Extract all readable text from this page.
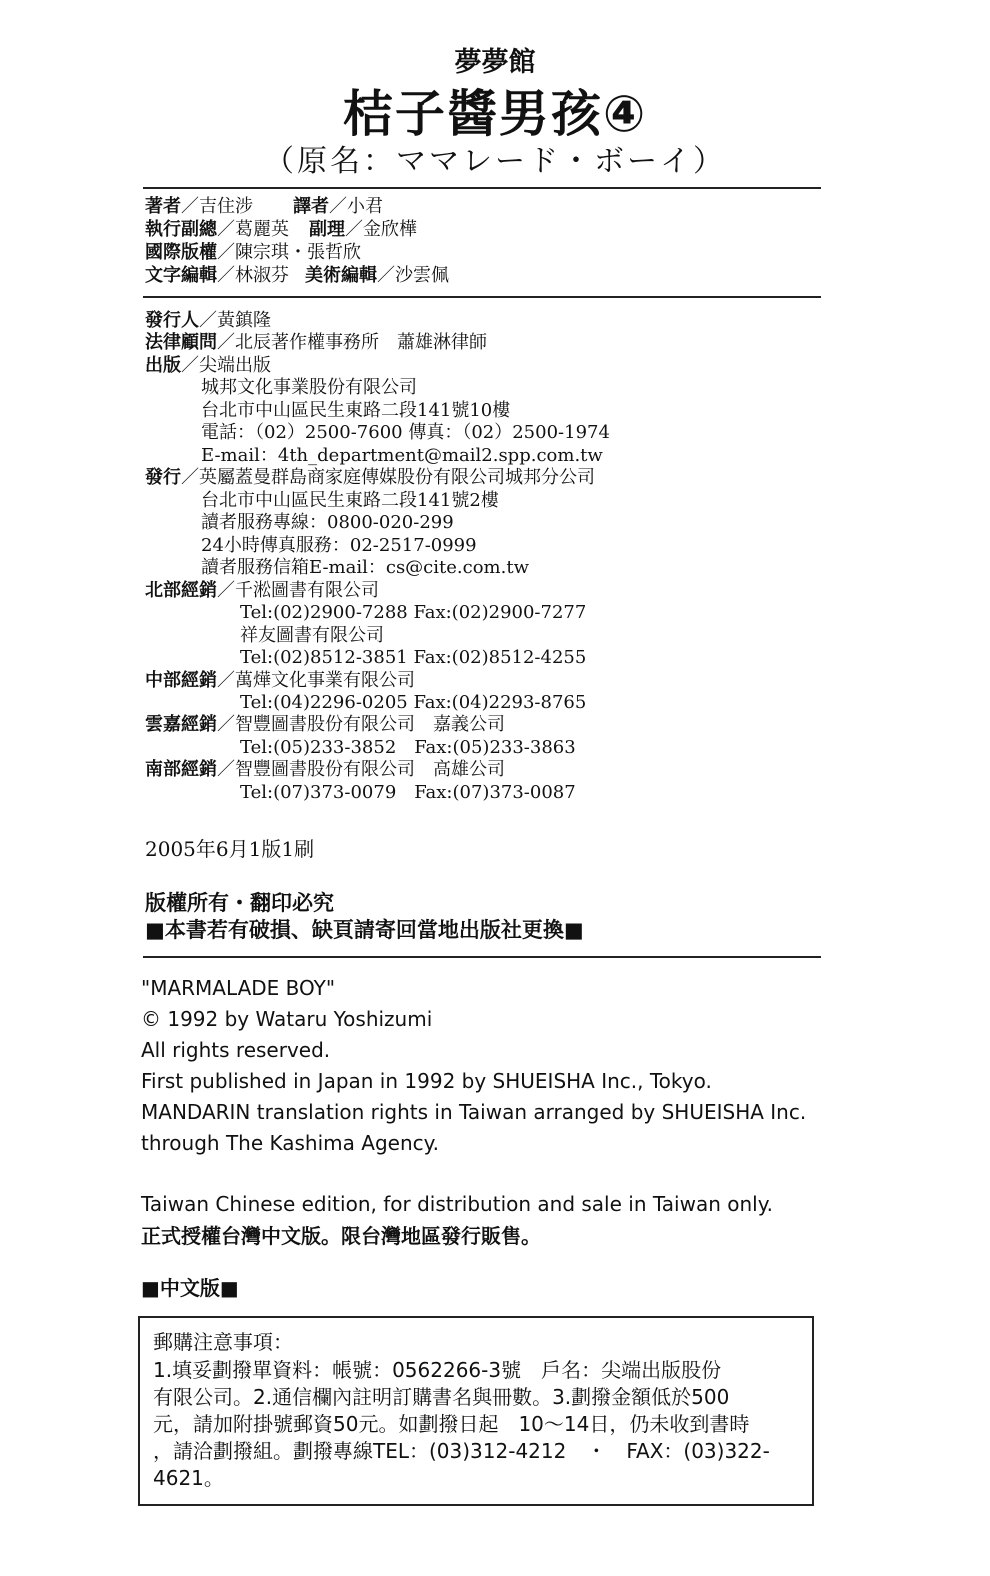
夢夢館
桔子醬男孩④
（原名：ママレード・ボーイ）
著者／吉住涉 譯者／小君
執行副總／葛麗英 副理／金欣樺
國際版權／陳宗琪・張哲欣
文字編輯／林淑芬 美術編輯／沙雲佩
發行人／黃鎮隆
法律顧問／北辰著作權事務所　蕭雄淋律師
出版／尖端出版
城邦文化事業股份有限公司
台北市中山區民生東路二段141號10樓
電話：（02）2500-7600 傳真：（02）2500-1974
E-mail：4th_department@mail2.spp.com.tw
發行／英屬蓋曼群島商家庭傳媒股份有限公司城邦分公司
台北市中山區民生東路二段141號2樓
讀者服務專線：0800-020-299
24小時傳真服務：02-2517-0999
讀者服務信箱E-mail：cs@cite.com.tw
北部經銷／千淞圖書有限公司
Tel:(02)2900-7288 Fax:(02)2900-7277
祥友圖書有限公司
Tel:(02)8512-3851 Fax:(02)8512-4255
中部經銷／萬燁文化事業有限公司
Tel:(04)2296-0205 Fax:(04)2293-8765
雲嘉經銷／智豐圖書股份有限公司　嘉義公司
Tel:(05)233-3852　Fax:(05)233-3863
南部經銷／智豐圖書股份有限公司　高雄公司
Tel:(07)373-0079　Fax:(07)373-0087
2005年6月1版1刷
版權所有・翻印必究
■本書若有破損、缺頁請寄回當地出版社更換■
"MARMALADE BOY"
© 1992 by Wataru Yoshizumi
All rights reserved.
First published in Japan in 1992 by SHUEISHA Inc., Tokyo.
MANDARIN translation rights in Taiwan arranged by SHUEISHA Inc.
through The Kashima Agency.
Taiwan Chinese edition, for distribution and sale in Taiwan only.
正式授權台灣中文版。限台灣地區發行販售。
■中文版■
郵購注意事項：
1.填妥劃撥單資料：帳號：0562266-3號　戶名：尖端出版股份
有限公司。2.通信欄內註明訂購書名與冊數。3.劃撥金額低於500
元，請加附掛號郵資50元。如劃撥日起　10～14日，仍未收到書時
，請洽劃撥組。劃撥專線TEL：(03)312-4212　・　FAX：(03)322-
4621。
